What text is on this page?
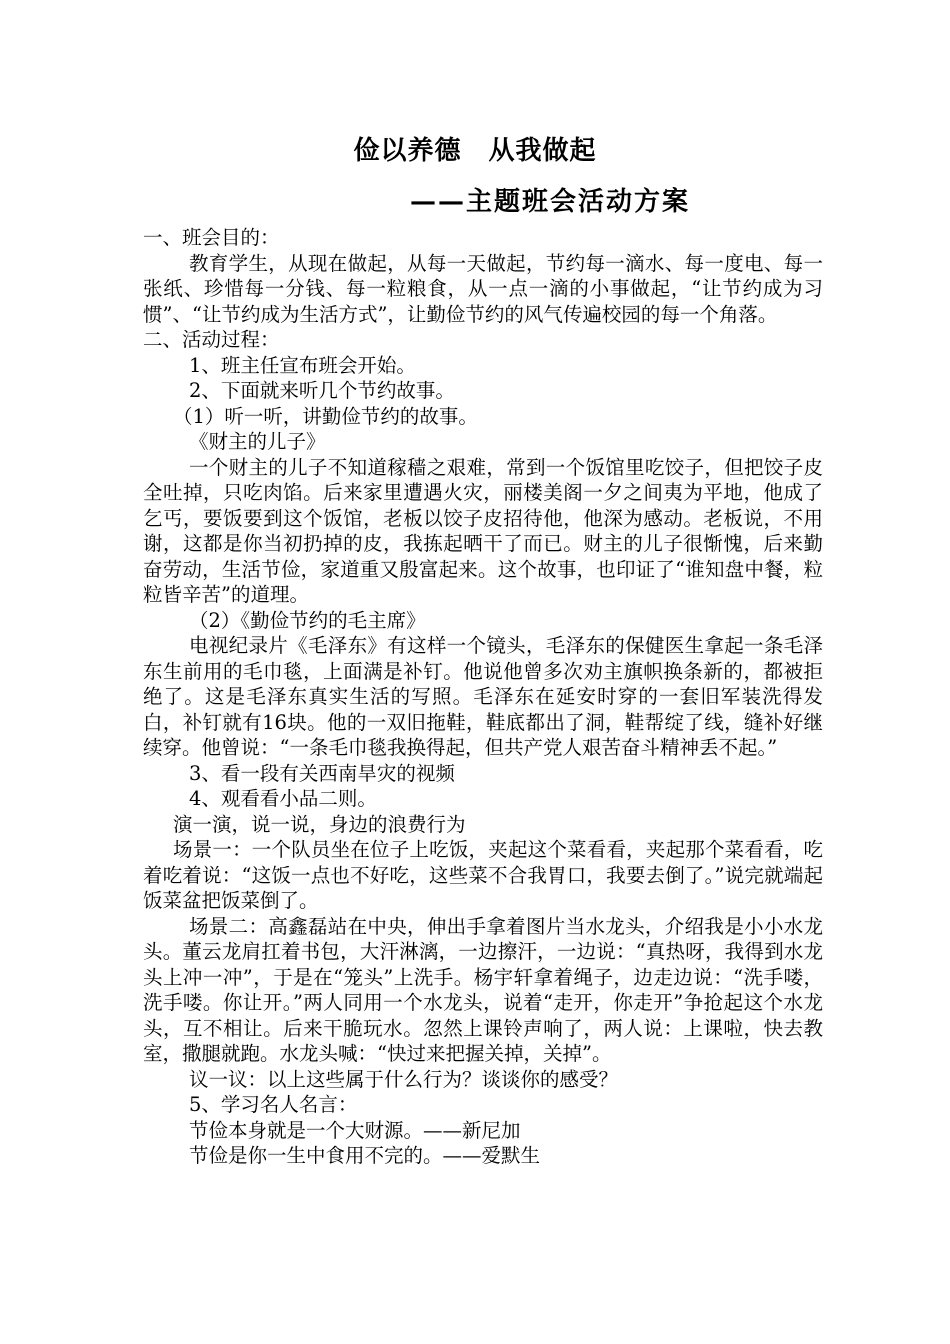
俭以养德　从我做起
——主题班会活动方案

一、班会目的：

教育学生，从现在做起，从每一天做起，节约每一滴水、每一度电、每一张纸、珍惜每一分钱、每一粒粮食，从一点一滴的小事做起，“让节约成为习惯”、“让节约成为生活方式”，让勤俭节约的风气传遍校园的每一个角落。

二、活动过程：

1、班主任宣布班会开始。

2、下面就来听几个节约故事。

（1）听一听，讲勤俭节约的故事。

《财主的儿子》

一个财主的儿子不知道稼穑之艰难，常到一个饭馆里吃饺子，但把饺子皮全吐掉，只吃肉馅。后来家里遭遇火灾，丽楼美阁一夕之间夷为平地，他成了乞丐，要饭要到这个饭馆，老板以饺子皮招待他，他深为感动。老板说，不用谢，这都是你当初扔掉的皮，我拣起晒干了而已。财主的儿子很惭愧，后来勤奋劳动，生活节俭，家道重又殷富起来。这个故事，也印证了“谁知盘中餐，粒粒皆辛苦”的道理。

（2）《勤俭节约的毛主席》

电视纪录片《毛泽东》有这样一个镜头，毛泽东的保健医生拿起一条毛泽东生前用的毛巾毯，上面满是补钉。他说他曾多次劝主旗帜换条新的，都被拒绝了。这是毛泽东真实生活的写照。毛泽东在延安时穿的一套旧军装洗得发白，补钉就有16块。他的一双旧拖鞋，鞋底都出了洞，鞋帮绽了线，缝补好继续穿。他曾说：“一条毛巾毯我换得起，但共产党人艰苦奋斗精神丢不起。”

3、看一段有关西南旱灾的视频

4、观看看小品二则。

演一演，说一说，身边的浪费行为

场景一：一个队员坐在位子上吃饭，夹起这个菜看看，夹起那个菜看看，吃着吃着说：“这饭一点也不好吃，这些菜不合我胃口，我要去倒了。”说完就端起饭菜盆把饭菜倒了。

场景二：高鑫磊站在中央，伸出手拿着图片当水龙头，介绍我是小小水龙头。董云龙肩扛着书包，大汗淋漓，一边擦汗，一边说：“真热呀，我得到水龙头上冲一冲”，于是在“笼头”上洗手。杨宇轩拿着绳子，边走边说：“洗手喽，洗手喽。你让开。”两人同用一个水龙头，说着“走开，你走开”争抢起这个水龙头，互不相让。后来干脆玩水。忽然上课铃声响了，两人说：上课啦，快去教室，撒腿就跑。水龙头喊：“快过来把握关掉，关掉”。

议一议：以上这些属于什么行为？谈谈你的感受？

5、学习名人名言：

节俭本身就是一个大财源。——新尼加

节俭是你一生中食用不完的。——爱默生
